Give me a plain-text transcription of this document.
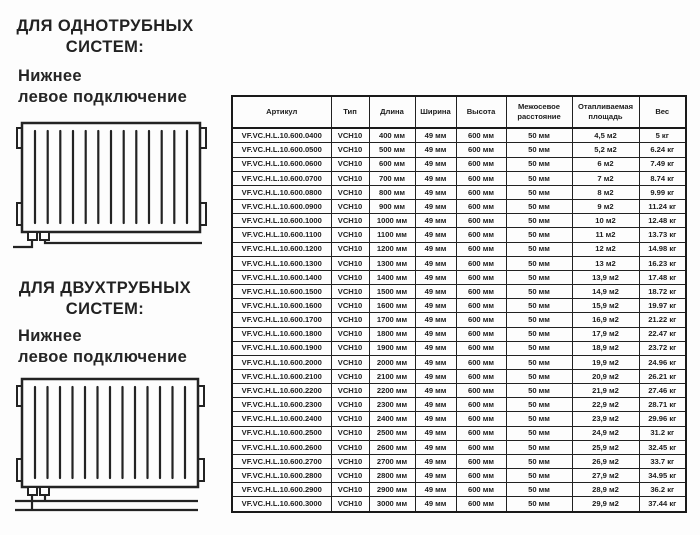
ДЛЯ ОДНОТРУБНЫХ
СИСТЕМ:
Нижнее
левое подключение
ДЛЯ ДВУХТРУБНЫХ
СИСТЕМ:
Нижнее
левое подключение
Артикул	Тип	Длина	Ширина	Высота	Межосевое расстояние	Отапливаемая площадь	Вес
VF.VC.H.L.10.600.0400	VCH10	400 мм	49 мм	600 мм	50 мм	4,5 м2	5 кг
VF.VC.H.L.10.600.0500	VCH10	500 мм	49 мм	600 мм	50 мм	5,2 м2	6.24 кг
VF.VC.H.L.10.600.0600	VCH10	600 мм	49 мм	600 мм	50 мм	6 м2	7.49 кг
VF.VC.H.L.10.600.0700	VCH10	700 мм	49 мм	600 мм	50 мм	7 м2	8.74 кг
VF.VC.H.L.10.600.0800	VCH10	800 мм	49 мм	600 мм	50 мм	8 м2	9.99 кг
VF.VC.H.L.10.600.0900	VCH10	900 мм	49 мм	600 мм	50 мм	9 м2	11.24 кг
VF.VC.H.L.10.600.1000	VCH10	1000 мм	49 мм	600 мм	50 мм	10 м2	12.48 кг
VF.VC.H.L.10.600.1100	VCH10	1100 мм	49 мм	600 мм	50 мм	11 м2	13.73 кг
VF.VC.H.L.10.600.1200	VCH10	1200 мм	49 мм	600 мм	50 мм	12 м2	14.98 кг
VF.VC.H.L.10.600.1300	VCH10	1300 мм	49 мм	600 мм	50 мм	13 м2	16.23 кг
VF.VC.H.L.10.600.1400	VCH10	1400 мм	49 мм	600 мм	50 мм	13,9 м2	17.48 кг
VF.VC.H.L.10.600.1500	VCH10	1500 мм	49 мм	600 мм	50 мм	14,9 м2	18.72 кг
VF.VC.H.L.10.600.1600	VCH10	1600 мм	49 мм	600 мм	50 мм	15,9 м2	19.97 кг
VF.VC.H.L.10.600.1700	VCH10	1700 мм	49 мм	600 мм	50 мм	16,9 м2	21.22 кг
VF.VC.H.L.10.600.1800	VCH10	1800 мм	49 мм	600 мм	50 мм	17,9 м2	22.47 кг
VF.VC.H.L.10.600.1900	VCH10	1900 мм	49 мм	600 мм	50 мм	18,9 м2	23.72 кг
VF.VC.H.L.10.600.2000	VCH10	2000 мм	49 мм	600 мм	50 мм	19,9 м2	24.96 кг
VF.VC.H.L.10.600.2100	VCH10	2100 мм	49 мм	600 мм	50 мм	20,9 м2	26.21 кг
VF.VC.H.L.10.600.2200	VCH10	2200 мм	49 мм	600 мм	50 мм	21,9 м2	27.46 кг
VF.VC.H.L.10.600.2300	VCH10	2300 мм	49 мм	600 мм	50 мм	22,9 м2	28.71 кг
VF.VC.H.L.10.600.2400	VCH10	2400 мм	49 мм	600 мм	50 мм	23,9 м2	29.96 кг
VF.VC.H.L.10.600.2500	VCH10	2500 мм	49 мм	600 мм	50 мм	24,9 м2	31.2 кг
VF.VC.H.L.10.600.2600	VCH10	2600 мм	49 мм	600 мм	50 мм	25,9 м2	32.45 кг
VF.VC.H.L.10.600.2700	VCH10	2700 мм	49 мм	600 мм	50 мм	26,9 м2	33.7 кг
VF.VC.H.L.10.600.2800	VCH10	2800 мм	49 мм	600 мм	50 мм	27,9 м2	34.95 кг
VF.VC.H.L.10.600.2900	VCH10	2900 мм	49 мм	600 мм	50 мм	28,9 м2	36.2 кг
VF.VC.H.L.10.600.3000	VCH10	3000 мм	49 мм	600 мм	50 мм	29,9 м2	37.44 кг
